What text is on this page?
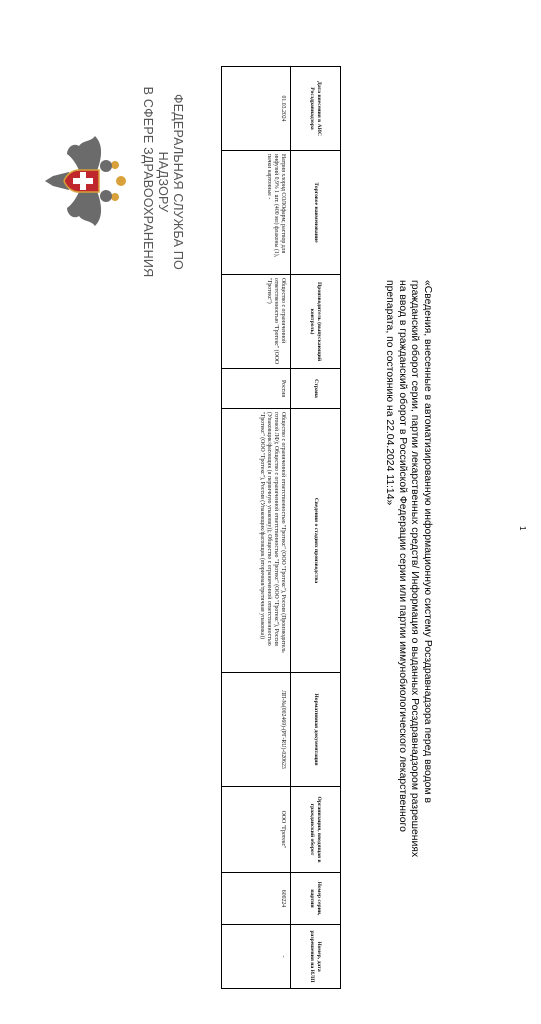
ФЕДЕРАЛЬНАЯ СЛУЖБА ПО НАДЗОРУ
В СФЕРЕ ЗДРАВООХРАНЕНИЯ
«Сведения, внесенные в автоматизированную информационную систему Росздравнадзора перед вводом в
гражданский оборот серии, партии лекарственных средств/ Информация о выданных Росздравнадзором разрешениях
на ввод в гражданский оборот в Российской Федерации серии или партии иммунобиологического лекарственного
препарата, по состоянию на 22.04.2024 11:14»
Дата внесения в АИС Росздравнадзора	Торговое наименование	Производитель (выпускающий контроль)	Страна	Сведения о стадиях производства	Нормативная документация	Организация, вводящая в гражданский оборот	Номер серии, партии	Номер, дата разрешения на ИЛП
01.03.2024	Натрия хлорид СОЛОфарм; раствор для инфузий 0,9% 1 шт. (400 мл) флаконы (1), пачки картонные -	Общество с ограниченной ответственностью "Гротекс" (ООО "Гротекс")	Россия	Общество с ограниченной ответственностью "Гротекс" (ООО "Гротекс"), Россия (Производитель готовой ЛФ); Общество с ограниченной ответственностью "Гротекс" (ООО "Гротекс"), Россия (Упаковщик/фасовщик (в первичную упаковку)); Общество с ограниченной ответственностью "Гротекс" (ООО "Гротекс"), Россия (Упаковщик/фасовщик (вторичная/третичная упаковка))	ЛП-№(002469)-(РГ-RU)-020623	ООО "Гротекс"	600224	-
1
